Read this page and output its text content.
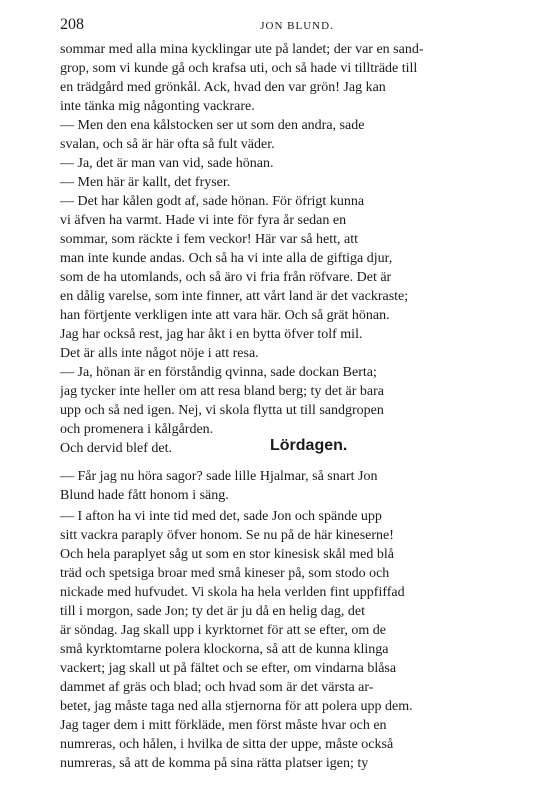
208	JON BLUND.
sommar med alla mina kycklingar ute på landet; der var en sand-
grop, som vi kunde gå och krafsa uti, och så hade vi tillträde till
en trädgård med grönkål. Ack, hvad den var grön! Jag kan
inte tänka mig någonting vackrare.
— Men den ena kålstocken ser ut som den andra, sade
svalan, och så är här ofta så fult väder.
— Ja, det är man van vid, sade hönan.
— Men här är kallt, det fryser.
— Det har kålen godt af, sade hönan. För öfrigt kunna
vi äfven ha varmt. Hade vi inte för fyra år sedan en
sommar, som räckte i fem veckor! Här var så hett, att
man inte kunde andas. Och så ha vi inte alla de giftiga djur,
som de ha utomlands, och så äro vi fria från röfvare. Det är
en dålig varelse, som inte finner, att vårt land är det vackraste;
han förtjente verkligen inte att vara här. Och så grät hönan.
Jag har också rest, jag har åkt i en bytta öfver tolf mil.
Det är alls inte något nöje i att resa.
— Ja, hönan är en förståndig qvinna, sade dockan Berta;
jag tycker inte heller om att resa bland berg; ty det är bara
upp och så ned igen. Nej, vi skola flytta ut till sandgropen
och promenera i kålgården.
Och dervid blef det.	Lördagen.
— Får jag nu höra sagor? sade lille Hjalmar, så snart Jon
Blund hade fått honom i säng.
— I afton ha vi inte tid med det, sade Jon och spände upp
sitt vackra paraply öfver honom. Se nu på de här kineserne!
Och hela paraplyet såg ut som en stor kinesisk skål med blå
träd och spetsiga broar med små kineser på, som stodo och
nickade med hufvudet. Vi skola ha hela verlden fint uppfiffad
till i morgon, sade Jon; ty det är ju då en helig dag, det
är söndag. Jag skall upp i kyrktornet för att se efter, om de
små kyrktomtarne polera klockorna, så att de kunna klinga
vackert; jag skall ut på fältet och se efter, om vindarna blåsa
dammet af gräs och blad; och hvad som är det värsta ar-
betet, jag måste taga ned alla stjernorna för att polera upp dem.
Jag tager dem i mitt förkläde, men först måste hvar och en
numreras, och hålen, i hvilka de sitta der uppe, måste också
numreras, så att de komma på sina rätta platser igen; ty
